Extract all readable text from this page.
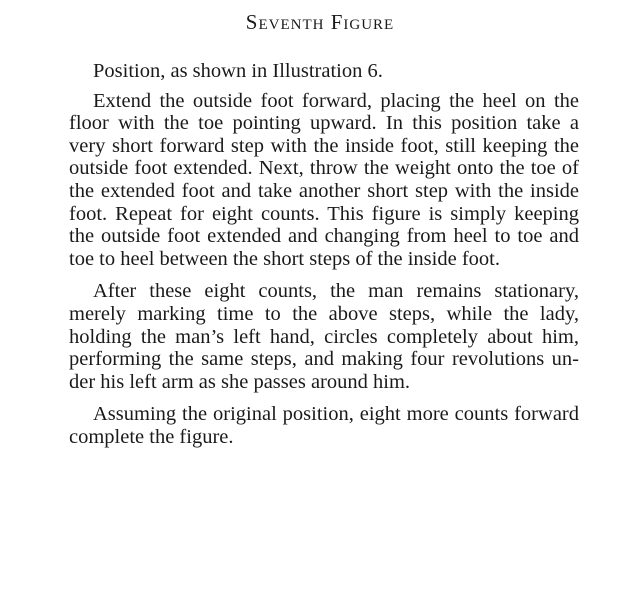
Seventh Figure

Position, as shown in Illustration 6.

Extend the outside foot forward, placing the heel on the floor with the toe pointing upward. In this position take a very short forward step with the inside foot, still keeping the outside foot extended. Next, throw the weight onto the toe of the extended foot and take another short step with the inside foot. Repeat for eight counts. This figure is simply keeping the outside foot extended and changing from heel to toe and toe to heel between the short steps of the inside foot.

After these eight counts, the man remains stationary, merely marking time to the above steps, while the lady, holding the man’s left hand, circles completely about him, performing the same steps, and making four revolutions under his left arm as she passes around him.

Assuming the original position, eight more counts forward complete the figure.
